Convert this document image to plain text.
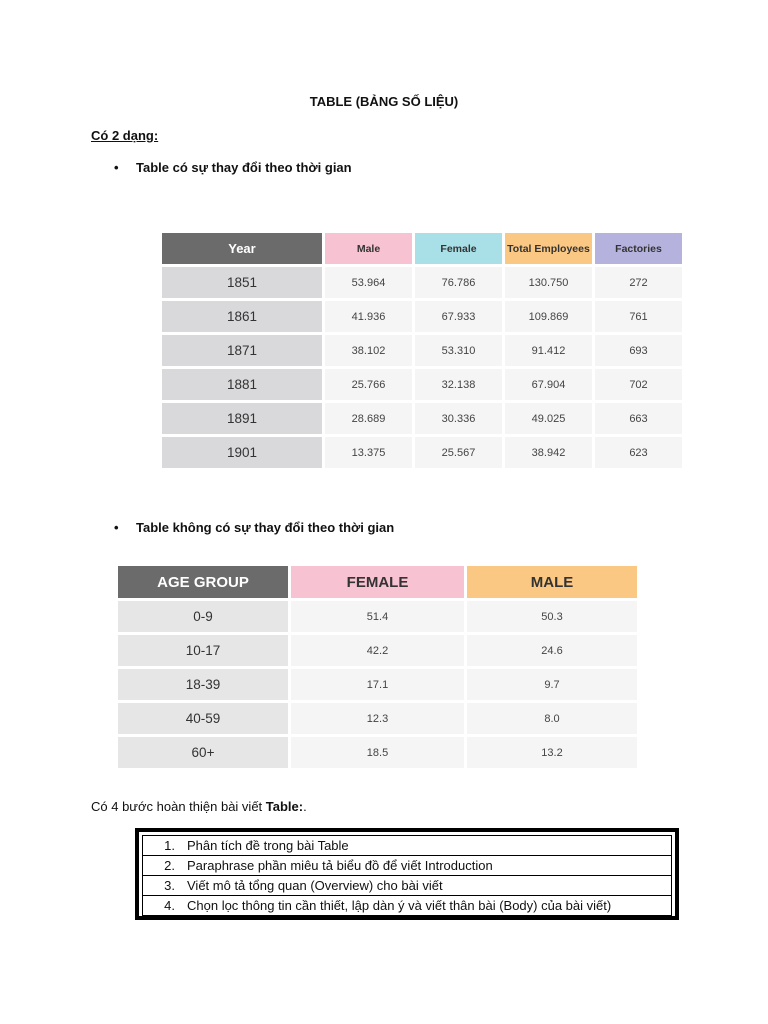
TABLE (BẢNG SỐ LIỆU)
Có 2 dạng:
• Table có sự thay đổi theo thời gian
Year	Male	Female	Total Employees	Factories
1851	53.964	76.786	130.750	272
1861	41.936	67.933	109.869	761
1871	38.102	53.310	91.412	693
1881	25.766	32.138	67.904	702
1891	28.689	30.336	49.025	663
1901	13.375	25.567	38.942	623
• Table không có sự thay đổi theo thời gian
AGE GROUP	FEMALE	MALE
0-9	51.4	50.3
10-17	42.2	24.6
18-39	17.1	9.7
40-59	12.3	8.0
60+	18.5	13.2
Có 4 bước hoàn thiện bài viết Table:.
1. Phân tích đề trong bài Table
2. Paraphrase phần miêu tả biểu đồ để viết Introduction
3. Viết mô tả tổng quan (Overview) cho bài viết
4. Chọn lọc thông tin cần thiết, lập dàn ý và viết thân bài (Body) của bài viết)
